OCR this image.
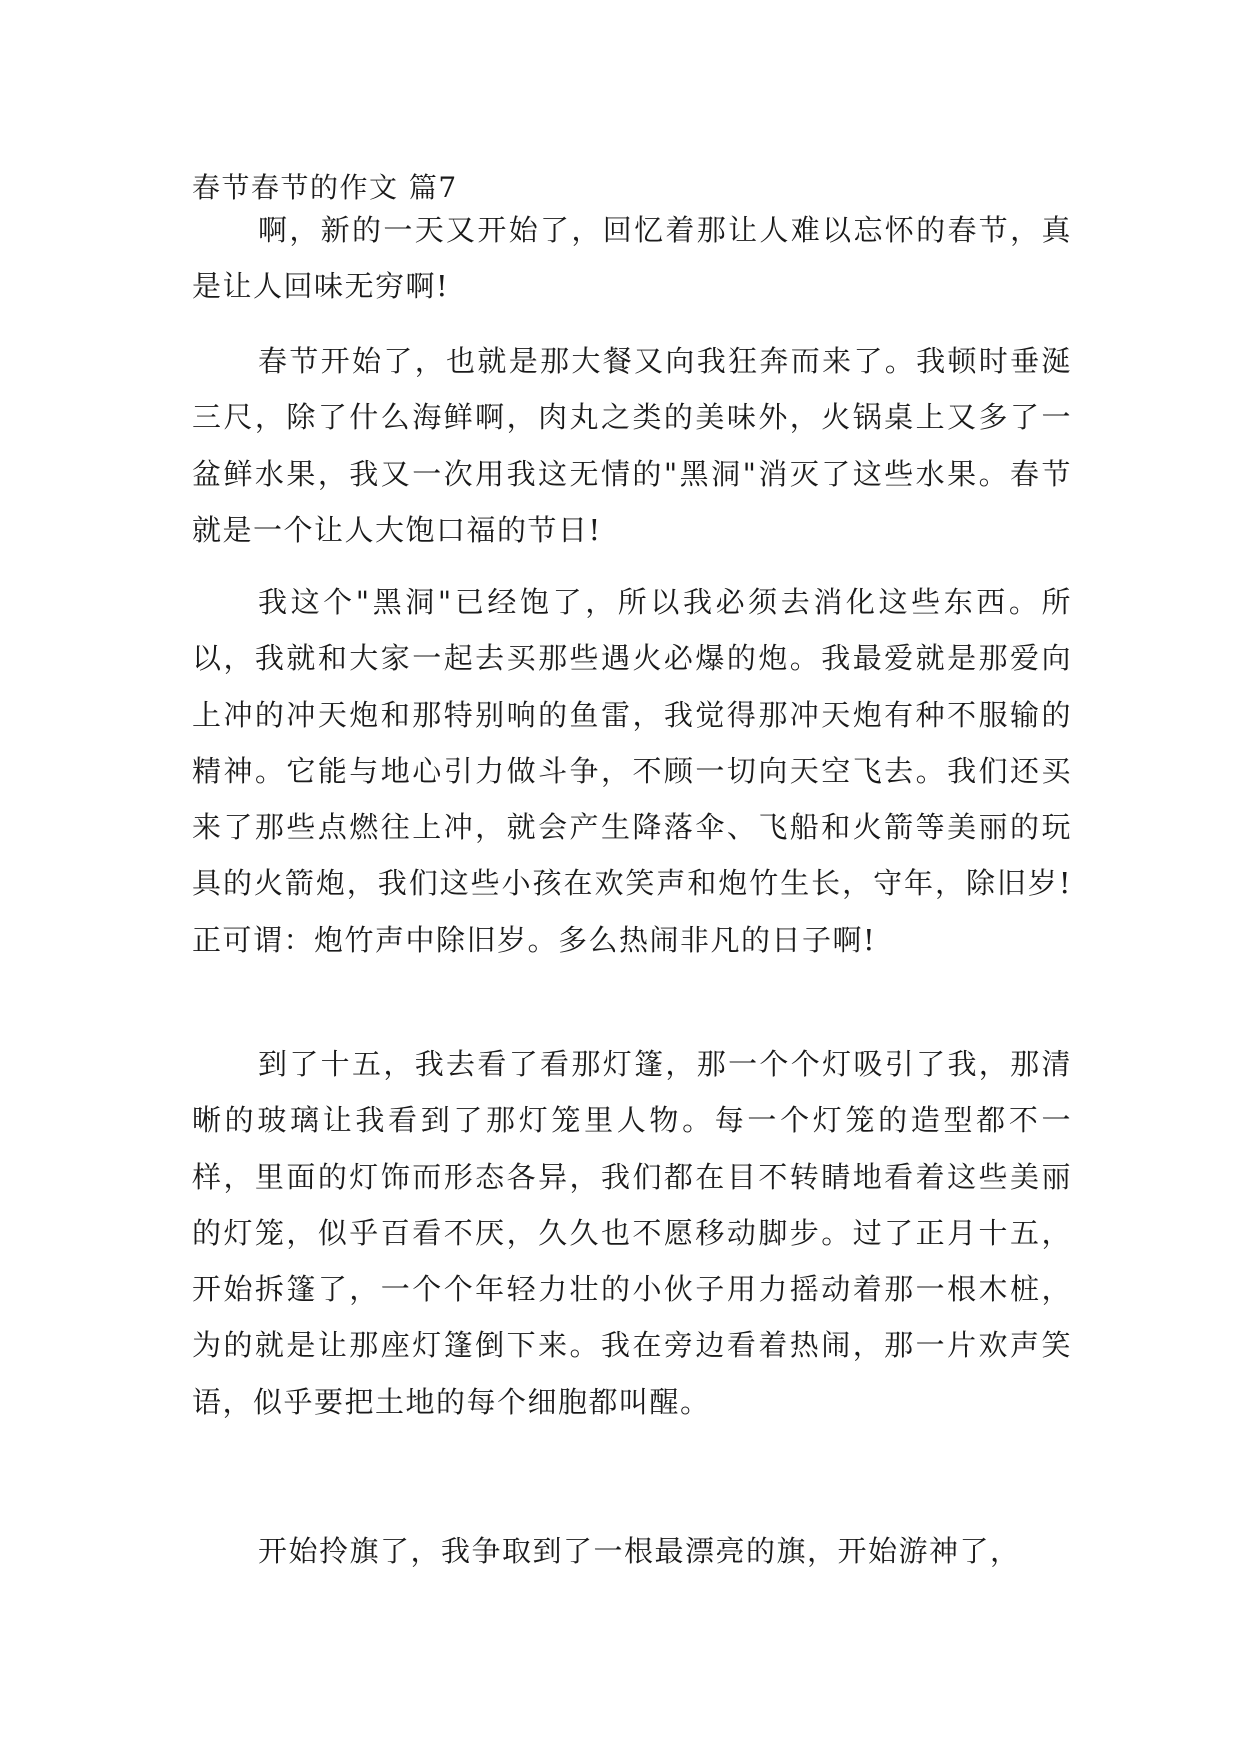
春节春节的作文 篇7

啊，新的一天又开始了，回忆着那让人难以忘怀的春节，真是让人回味无穷啊!

春节开始了，也就是那大餐又向我狂奔而来了。我顿时垂涎三尺，除了什么海鲜啊，肉丸之类的美味外，火锅桌上又多了一盆鲜水果，我又一次用我这无情的"黑洞"消灭了这些水果。春节就是一个让人大饱口福的节日!

我这个"黑洞"已经饱了，所以我必须去消化这些东西。所以，我就和大家一起去买那些遇火必爆的炮。我最爱就是那爱向上冲的冲天炮和那特别响的鱼雷，我觉得那冲天炮有种不服输的精神。它能与地心引力做斗争，不顾一切向天空飞去。我们还买来了那些点燃往上冲，就会产生降落伞、飞船和火箭等美丽的玩具的火箭炮，我们这些小孩在欢笑声和炮竹生长，守年，除旧岁!正可谓：炮竹声中除旧岁。多么热闹非凡的日子啊!

到了十五，我去看了看那灯篷，那一个个灯吸引了我，那清晰的玻璃让我看到了那灯笼里人物。每一个灯笼的造型都不一样，里面的灯饰而形态各异，我们都在目不转睛地看着这些美丽的灯笼，似乎百看不厌，久久也不愿移动脚步。过了正月十五，开始拆篷了，一个个年轻力壮的小伙子用力摇动着那一根木桩，为的就是让那座灯篷倒下来。我在旁边看着热闹，那一片欢声笑语，似乎要把土地的每个细胞都叫醒。

开始拎旗了，我争取到了一根最漂亮的旗，开始游神了，
